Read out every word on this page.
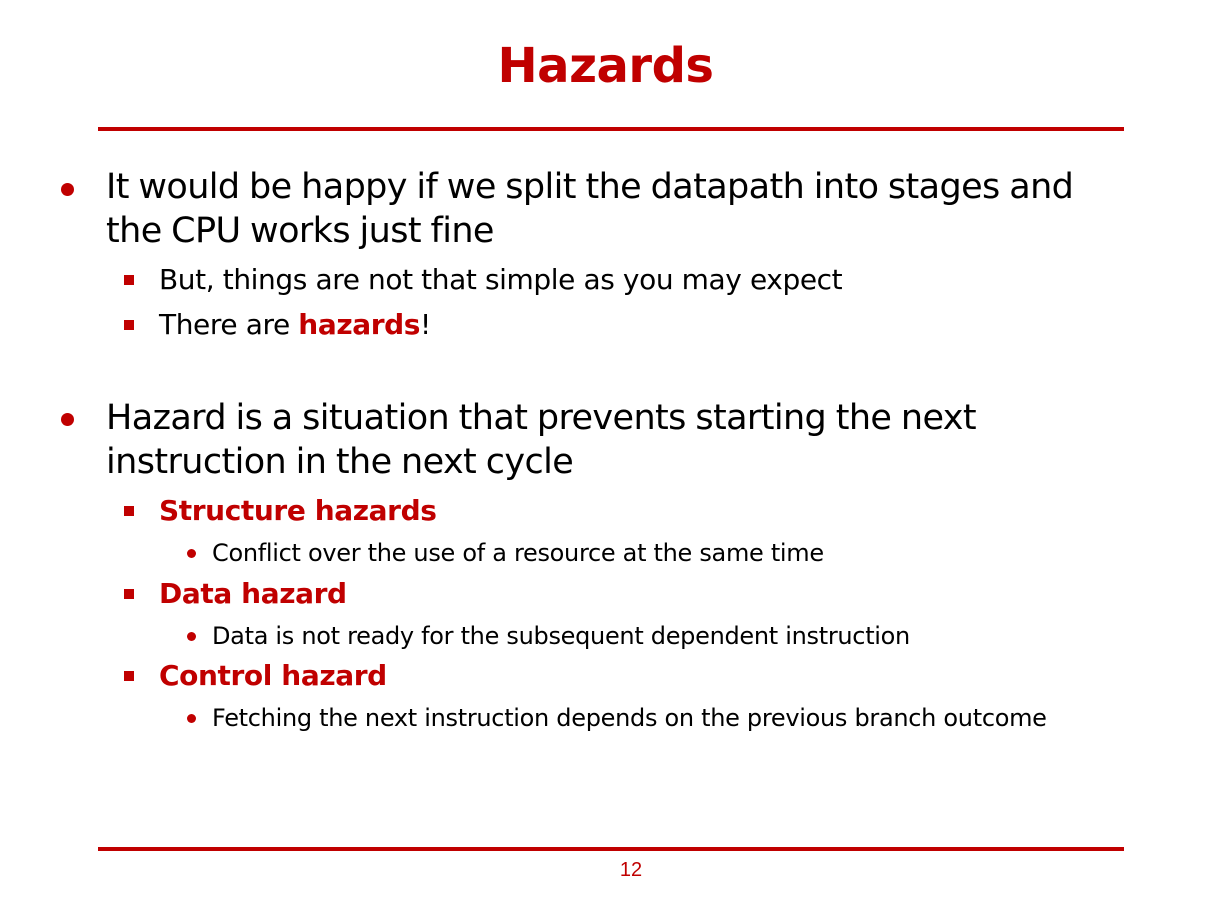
Hazards
It would be happy if we split the datapath into stages and
the CPU works just fine
But, things are not that simple as you may expect
There are hazards!
Hazard is a situation that prevents starting the next
instruction in the next cycle
Structure hazards
Conflict over the use of a resource at the same time
Data hazard
Data is not ready for the subsequent dependent instruction
Control hazard
Fetching the next instruction depends on the previous branch outcome
12
